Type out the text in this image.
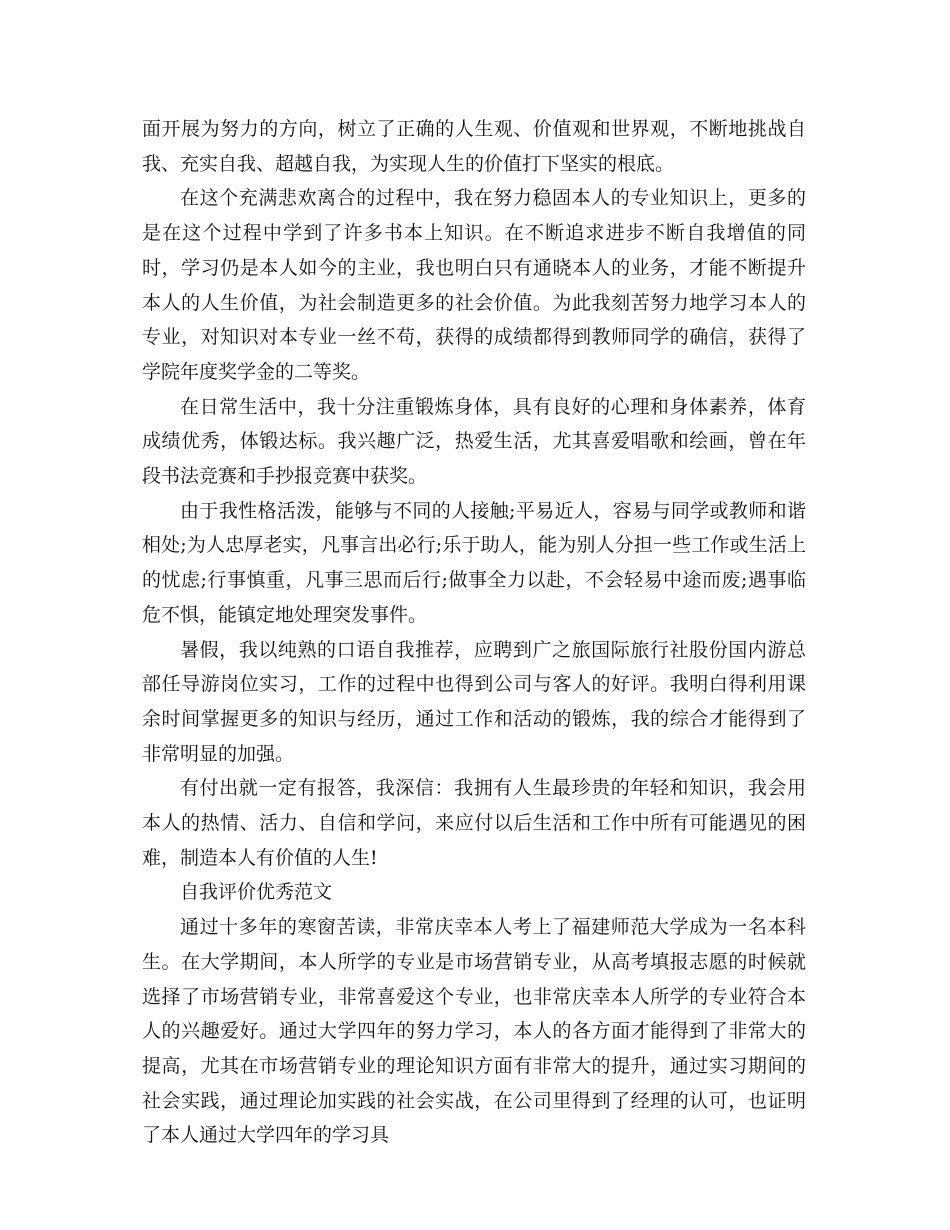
面开展为努力的方向，树立了正确的人生观、价值观和世界观，不断地挑战自我、充实自我、超越自我，为实现人生的价值打下坚实的根底。

在这个充满悲欢离合的过程中，我在努力稳固本人的专业知识上，更多的是在这个过程中学到了许多书本上知识。在不断追求进步不断自我增值的同时，学习仍是本人如今的主业，我也明白只有通晓本人的业务，才能不断提升本人的人生价值，为社会制造更多的社会价值。为此我刻苦努力地学习本人的专业，对知识对本专业一丝不苟，获得的成绩都得到教师同学的确信，获得了学院年度奖学金的二等奖。

在日常生活中，我十分注重锻炼身体，具有良好的心理和身体素养，体育成绩优秀，体锻达标。我兴趣广泛，热爱生活，尤其喜爱唱歌和绘画，曾在年段书法竞赛和手抄报竞赛中获奖。

由于我性格活泼，能够与不同的人接触;平易近人，容易与同学或教师和谐相处;为人忠厚老实，凡事言出必行;乐于助人，能为别人分担一些工作或生活上的忧虑;行事慎重，凡事三思而后行;做事全力以赴，不会轻易中途而废;遇事临危不惧，能镇定地处理突发事件。

暑假，我以纯熟的口语自我推荐，应聘到广之旅国际旅行社股份国内游总部任导游岗位实习，工作的过程中也得到公司与客人的好评。我明白得利用课余时间掌握更多的知识与经历，通过工作和活动的锻炼，我的综合才能得到了非常明显的加强。

有付出就一定有报答，我深信：我拥有人生最珍贵的年轻和知识，我会用本人的热情、活力、自信和学问，来应付以后生活和工作中所有可能遇见的困难，制造本人有价值的人生!

自我评价优秀范文

通过十多年的寒窗苦读，非常庆幸本人考上了福建师范大学成为一名本科生。在大学期间，本人所学的专业是市场营销专业，从高考填报志愿的时候就选择了市场营销专业，非常喜爱这个专业，也非常庆幸本人所学的专业符合本人的兴趣爱好。通过大学四年的努力学习，本人的各方面才能得到了非常大的提高，尤其在市场营销专业的理论知识方面有非常大的提升，通过实习期间的社会实践，通过理论加实践的社会实战，在公司里得到了经理的认可，也证明了本人通过大学四年的学习具
